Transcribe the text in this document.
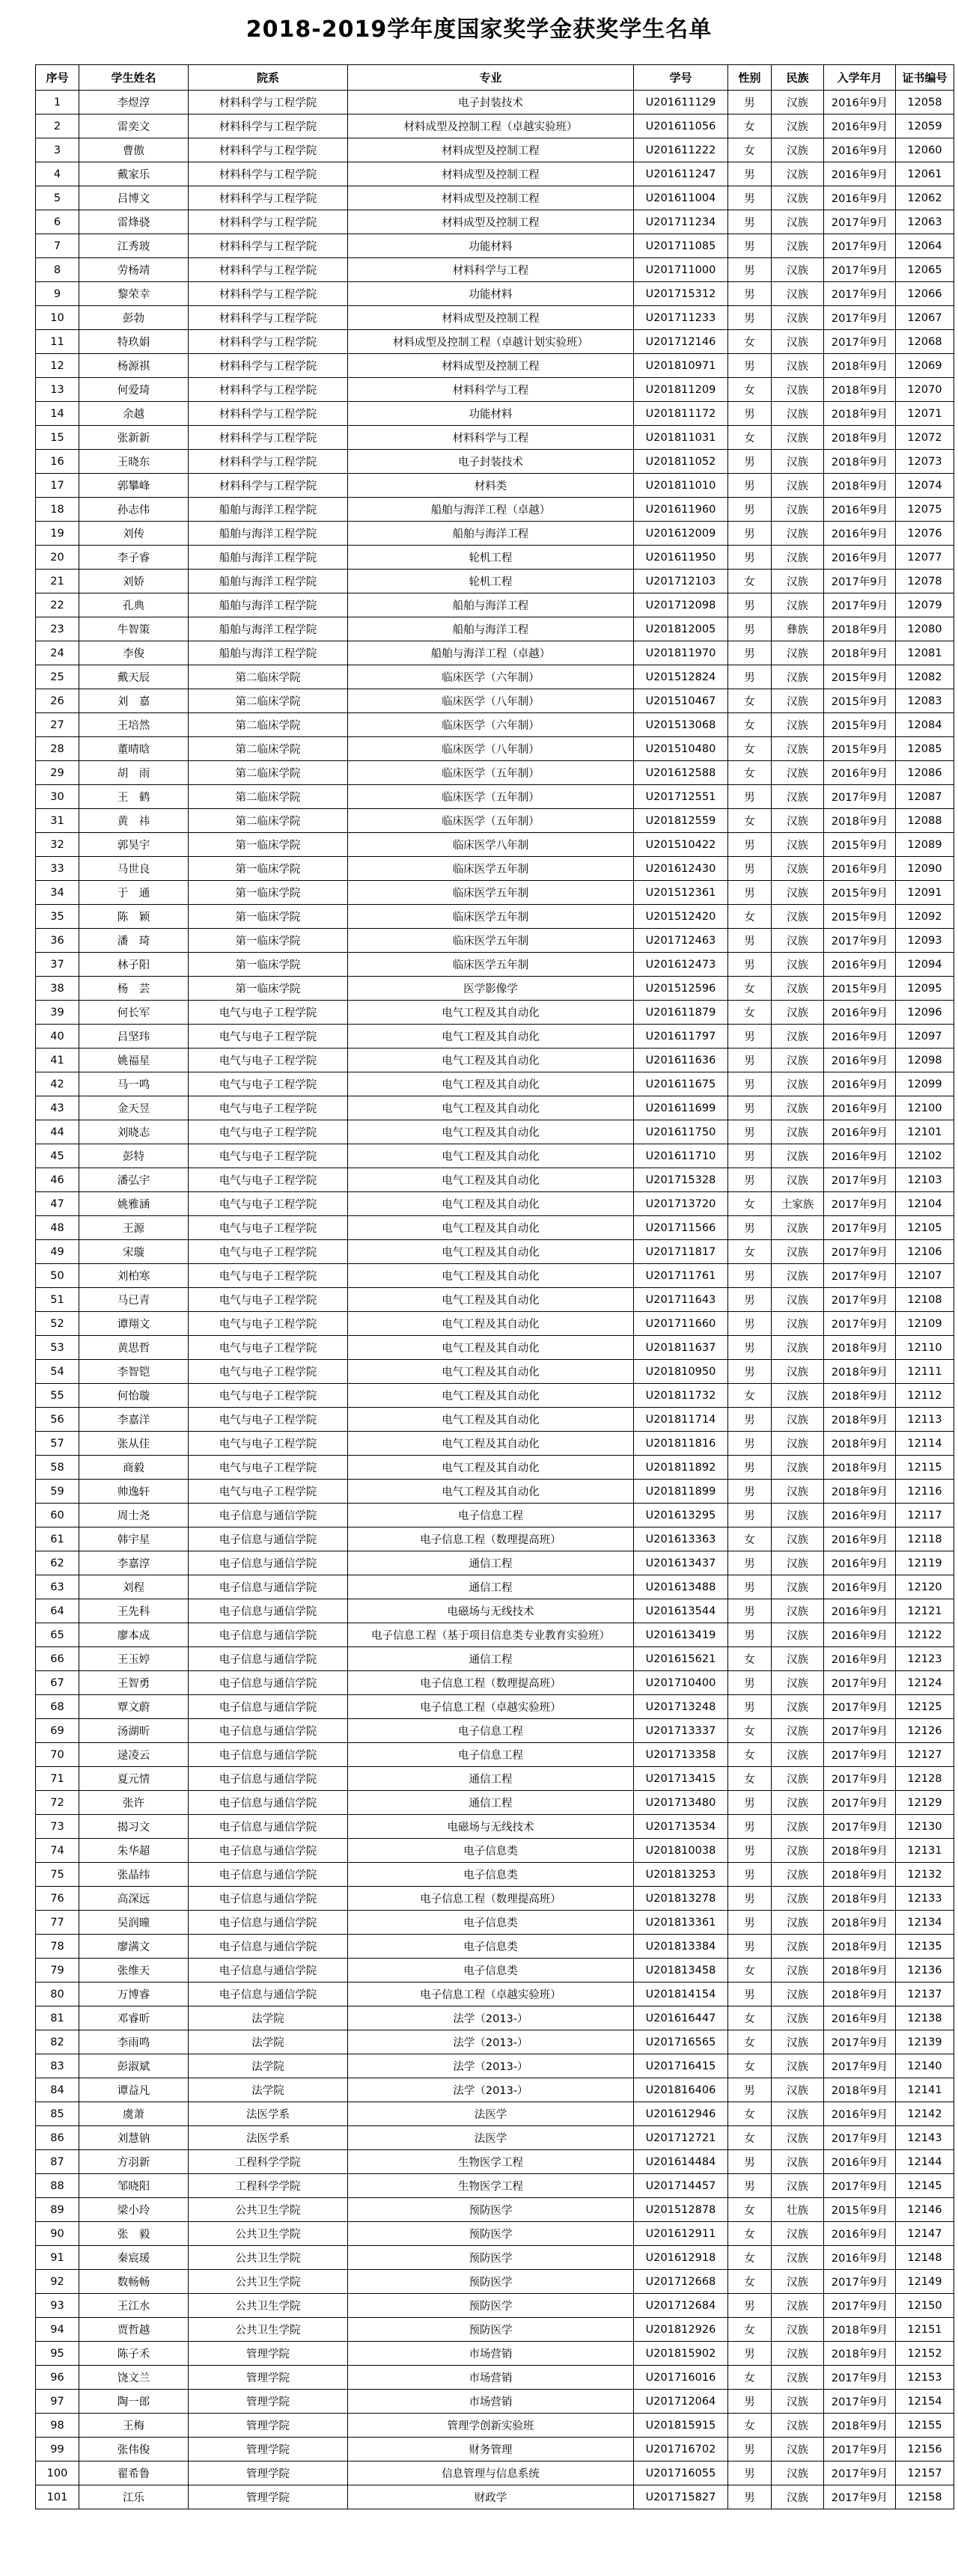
2018-2019学年度国家奖学金获奖学生名单
序号	学生姓名	院系	专业	学号	性别	民族	入学年月	证书编号
1	李煜淳	材料科学与工程学院	电子封装技术	U201611129	男	汉族	2016年9月	12058
2	雷奕文	材料科学与工程学院	材料成型及控制工程（卓越实验班）	U201611056	女	汉族	2016年9月	12059
3	曹傲	材料科学与工程学院	材料成型及控制工程	U201611222	女	汉族	2016年9月	12060
4	戴家乐	材料科学与工程学院	材料成型及控制工程	U201611247	男	汉族	2016年9月	12061
5	吕博文	材料科学与工程学院	材料成型及控制工程	U201611004	男	汉族	2016年9月	12062
6	雷烽骁	材料科学与工程学院	材料成型及控制工程	U201711234	男	汉族	2017年9月	12063
7	江秀玻	材料科学与工程学院	功能材料	U201711085	男	汉族	2017年9月	12064
8	劳杨靖	材料科学与工程学院	材料科学与工程	U201711000	男	汉族	2017年9月	12065
9	黎荣幸	材料科学与工程学院	功能材料	U201715312	男	汉族	2017年9月	12066
10	彭勃	材料科学与工程学院	材料成型及控制工程	U201711233	男	汉族	2017年9月	12067
11	特玖娟	材料科学与工程学院	材料成型及控制工程（卓越计划实验班）	U201712146	女	汉族	2017年9月	12068
12	杨源祺	材料科学与工程学院	材料成型及控制工程	U201810971	男	汉族	2018年9月	12069
13	何爱琦	材料科学与工程学院	材料科学与工程	U201811209	女	汉族	2018年9月	12070
14	余越	材料科学与工程学院	功能材料	U201811172	男	汉族	2018年9月	12071
15	张新新	材料科学与工程学院	材料科学与工程	U201811031	女	汉族	2018年9月	12072
16	王晓东	材料科学与工程学院	电子封装技术	U201811052	男	汉族	2018年9月	12073
17	郭攀峰	材料科学与工程学院	材料类	U201811010	男	汉族	2018年9月	12074
18	孙志伟	船舶与海洋工程学院	船舶与海洋工程（卓越）	U201611960	男	汉族	2016年9月	12075
19	刘传	船舶与海洋工程学院	船舶与海洋工程	U201612009	男	汉族	2016年9月	12076
20	李子睿	船舶与海洋工程学院	轮机工程	U201611950	男	汉族	2016年9月	12077
21	刘娇	船舶与海洋工程学院	轮机工程	U201712103	女	汉族	2017年9月	12078
22	孔典	船舶与海洋工程学院	船舶与海洋工程	U201712098	男	汉族	2017年9月	12079
23	牛智策	船舶与海洋工程学院	船舶与海洋工程	U201812005	男	彝族	2018年9月	12080
24	李俊	船舶与海洋工程学院	船舶与海洋工程（卓越）	U201811970	男	汉族	2018年9月	12081
25	戴天辰	第二临床学院	临床医学（六年制）	U201512824	男	汉族	2015年9月	12082
26	刘　嘉	第二临床学院	临床医学（八年制）	U201510467	女	汉族	2015年9月	12083
27	王培然	第二临床学院	临床医学（六年制）	U201513068	女	汉族	2015年9月	12084
28	董晴晗	第二临床学院	临床医学（八年制）	U201510480	女	汉族	2015年9月	12085
29	胡　雨	第二临床学院	临床医学（五年制）	U201612588	女	汉族	2016年9月	12086
30	王　鹤	第二临床学院	临床医学（五年制）	U201712551	男	汉族	2017年9月	12087
31	黄　祎	第二临床学院	临床医学（五年制）	U201812559	女	汉族	2018年9月	12088
32	郭昊宇	第一临床学院	临床医学八年制	U201510422	男	汉族	2015年9月	12089
33	马世良	第一临床学院	临床医学五年制	U201612430	男	汉族	2016年9月	12090
34	于　通	第一临床学院	临床医学五年制	U201512361	男	汉族	2015年9月	12091
35	陈　颖	第一临床学院	临床医学五年制	U201512420	女	汉族	2015年9月	12092
36	潘　琦	第一临床学院	临床医学五年制	U201712463	男	汉族	2017年9月	12093
37	林子阳	第一临床学院	临床医学五年制	U201612473	男	汉族	2016年9月	12094
38	杨　芸	第一临床学院	医学影像学	U201512596	女	汉族	2015年9月	12095
39	何长军	电气与电子工程学院	电气工程及其自动化	U201611879	女	汉族	2016年9月	12096
40	吕坚玮	电气与电子工程学院	电气工程及其自动化	U201611797	男	汉族	2016年9月	12097
41	姚福星	电气与电子工程学院	电气工程及其自动化	U201611636	男	汉族	2016年9月	12098
42	马一鸣	电气与电子工程学院	电气工程及其自动化	U201611675	男	汉族	2016年9月	12099
43	金天昱	电气与电子工程学院	电气工程及其自动化	U201611699	男	汉族	2016年9月	12100
44	刘晓志	电气与电子工程学院	电气工程及其自动化	U201611750	男	汉族	2016年9月	12101
45	彭特	电气与电子工程学院	电气工程及其自动化	U201611710	男	汉族	2016年9月	12102
46	潘弘宇	电气与电子工程学院	电气工程及其自动化	U201715328	男	汉族	2017年9月	12103
47	姚雅涵	电气与电子工程学院	电气工程及其自动化	U201713720	女	土家族	2017年9月	12104
48	王源	电气与电子工程学院	电气工程及其自动化	U201711566	男	汉族	2017年9月	12105
49	宋璇	电气与电子工程学院	电气工程及其自动化	U201711817	女	汉族	2017年9月	12106
50	刘柏寒	电气与电子工程学院	电气工程及其自动化	U201711761	男	汉族	2017年9月	12107
51	马已青	电气与电子工程学院	电气工程及其自动化	U201711643	男	汉族	2017年9月	12108
52	谭翔文	电气与电子工程学院	电气工程及其自动化	U201711660	男	汉族	2017年9月	12109
53	黄思哲	电气与电子工程学院	电气工程及其自动化	U201811637	男	汉族	2018年9月	12110
54	李智铠	电气与电子工程学院	电气工程及其自动化	U201810950	男	汉族	2018年9月	12111
55	何怡璇	电气与电子工程学院	电气工程及其自动化	U201811732	女	汉族	2018年9月	12112
56	李嘉洋	电气与电子工程学院	电气工程及其自动化	U201811714	男	汉族	2018年9月	12113
57	张从佳	电气与电子工程学院	电气工程及其自动化	U201811816	男	汉族	2018年9月	12114
58	商毅	电气与电子工程学院	电气工程及其自动化	U201811892	男	汉族	2018年9月	12115
59	帅逸轩	电气与电子工程学院	电气工程及其自动化	U201811899	男	汉族	2018年9月	12116
60	周士尧	电子信息与通信学院	电子信息工程	U201613295	男	汉族	2016年9月	12117
61	韩宇星	电子信息与通信学院	电子信息工程（数理提高班）	U201613363	女	汉族	2016年9月	12118
62	李嘉淳	电子信息与通信学院	通信工程	U201613437	男	汉族	2016年9月	12119
63	刘程	电子信息与通信学院	通信工程	U201613488	男	汉族	2016年9月	12120
64	王先科	电子信息与通信学院	电磁场与无线技术	U201613544	男	汉族	2016年9月	12121
65	廖本成	电子信息与通信学院	电子信息工程（基于项目信息类专业教育实验班）	U201613419	男	汉族	2016年9月	12122
66	王玉婷	电子信息与通信学院	通信工程	U201615621	女	汉族	2016年9月	12123
67	王智勇	电子信息与通信学院	电子信息工程（数理提高班）	U201710400	男	汉族	2017年9月	12124
68	覃文蔚	电子信息与通信学院	电子信息工程（卓越实验班）	U201713248	男	汉族	2017年9月	12125
69	汤湖昕	电子信息与通信学院	电子信息工程	U201713337	女	汉族	2017年9月	12126
70	逯凌云	电子信息与通信学院	电子信息工程	U201713358	女	汉族	2017年9月	12127
71	夏元情	电子信息与通信学院	通信工程	U201713415	女	汉族	2017年9月	12128
72	张许	电子信息与通信学院	通信工程	U201713480	男	汉族	2017年9月	12129
73	揭习文	电子信息与通信学院	电磁场与无线技术	U201713534	男	汉族	2017年9月	12130
74	朱华超	电子信息与通信学院	电子信息类	U201810038	男	汉族	2018年9月	12131
75	张晶纬	电子信息与通信学院	电子信息类	U201813253	男	汉族	2018年9月	12132
76	高深远	电子信息与通信学院	电子信息工程（数理提高班）	U201813278	男	汉族	2018年9月	12133
77	吴润曈	电子信息与通信学院	电子信息类	U201813361	男	汉族	2018年9月	12134
78	廖满文	电子信息与通信学院	电子信息类	U201813384	男	汉族	2018年9月	12135
79	张维天	电子信息与通信学院	电子信息类	U201813458	女	汉族	2018年9月	12136
80	万博睿	电子信息与通信学院	电子信息工程（卓越实验班）	U201814154	男	汉族	2018年9月	12137
81	邓睿昕	法学院	法学（2013-）	U201616447	女	汉族	2016年9月	12138
82	李雨鸣	法学院	法学（2013-）	U201716565	女	汉族	2017年9月	12139
83	彭淑斌	法学院	法学（2013-）	U201716415	女	汉族	2017年9月	12140
84	谭益凡	法学院	法学（2013-）	U201816406	男	汉族	2018年9月	12141
85	虞萧	法医学系	法医学	U201612946	女	汉族	2016年9月	12142
86	刘慧钠	法医学系	法医学	U201712721	女	汉族	2017年9月	12143
87	方羽新	工程科学学院	生物医学工程	U201614484	男	汉族	2016年9月	12144
88	邹晓阳	工程科学学院	生物医学工程	U201714457	男	汉族	2017年9月	12145
89	梁小玲	公共卫生学院	预防医学	U201512878	女	壮族	2015年9月	12146
90	张　毅	公共卫生学院	预防医学	U201612911	女	汉族	2016年9月	12147
91	秦宸瑗	公共卫生学院	预防医学	U201612918	女	汉族	2016年9月	12148
92	数畅畅	公共卫生学院	预防医学	U201712668	女	汉族	2017年9月	12149
93	王江水	公共卫生学院	预防医学	U201712684	男	汉族	2017年9月	12150
94	贾哲越	公共卫生学院	预防医学	U201812926	女	汉族	2018年9月	12151
95	陈子禾	管理学院	市场营销	U201815902	男	汉族	2018年9月	12152
96	饶文兰	管理学院	市场营销	U201716016	女	汉族	2017年9月	12153
97	陶一郎	管理学院	市场营销	U201712064	男	汉族	2017年9月	12154
98	王梅	管理学院	管理学创新实验班	U201815915	女	汉族	2018年9月	12155
99	张伟俊	管理学院	财务管理	U201716702	男	汉族	2017年9月	12156
100	翟希鲁	管理学院	信息管理与信息系统	U201716055	男	汉族	2017年9月	12157
101	江乐	管理学院	财政学	U201715827	男	汉族	2017年9月	12158
